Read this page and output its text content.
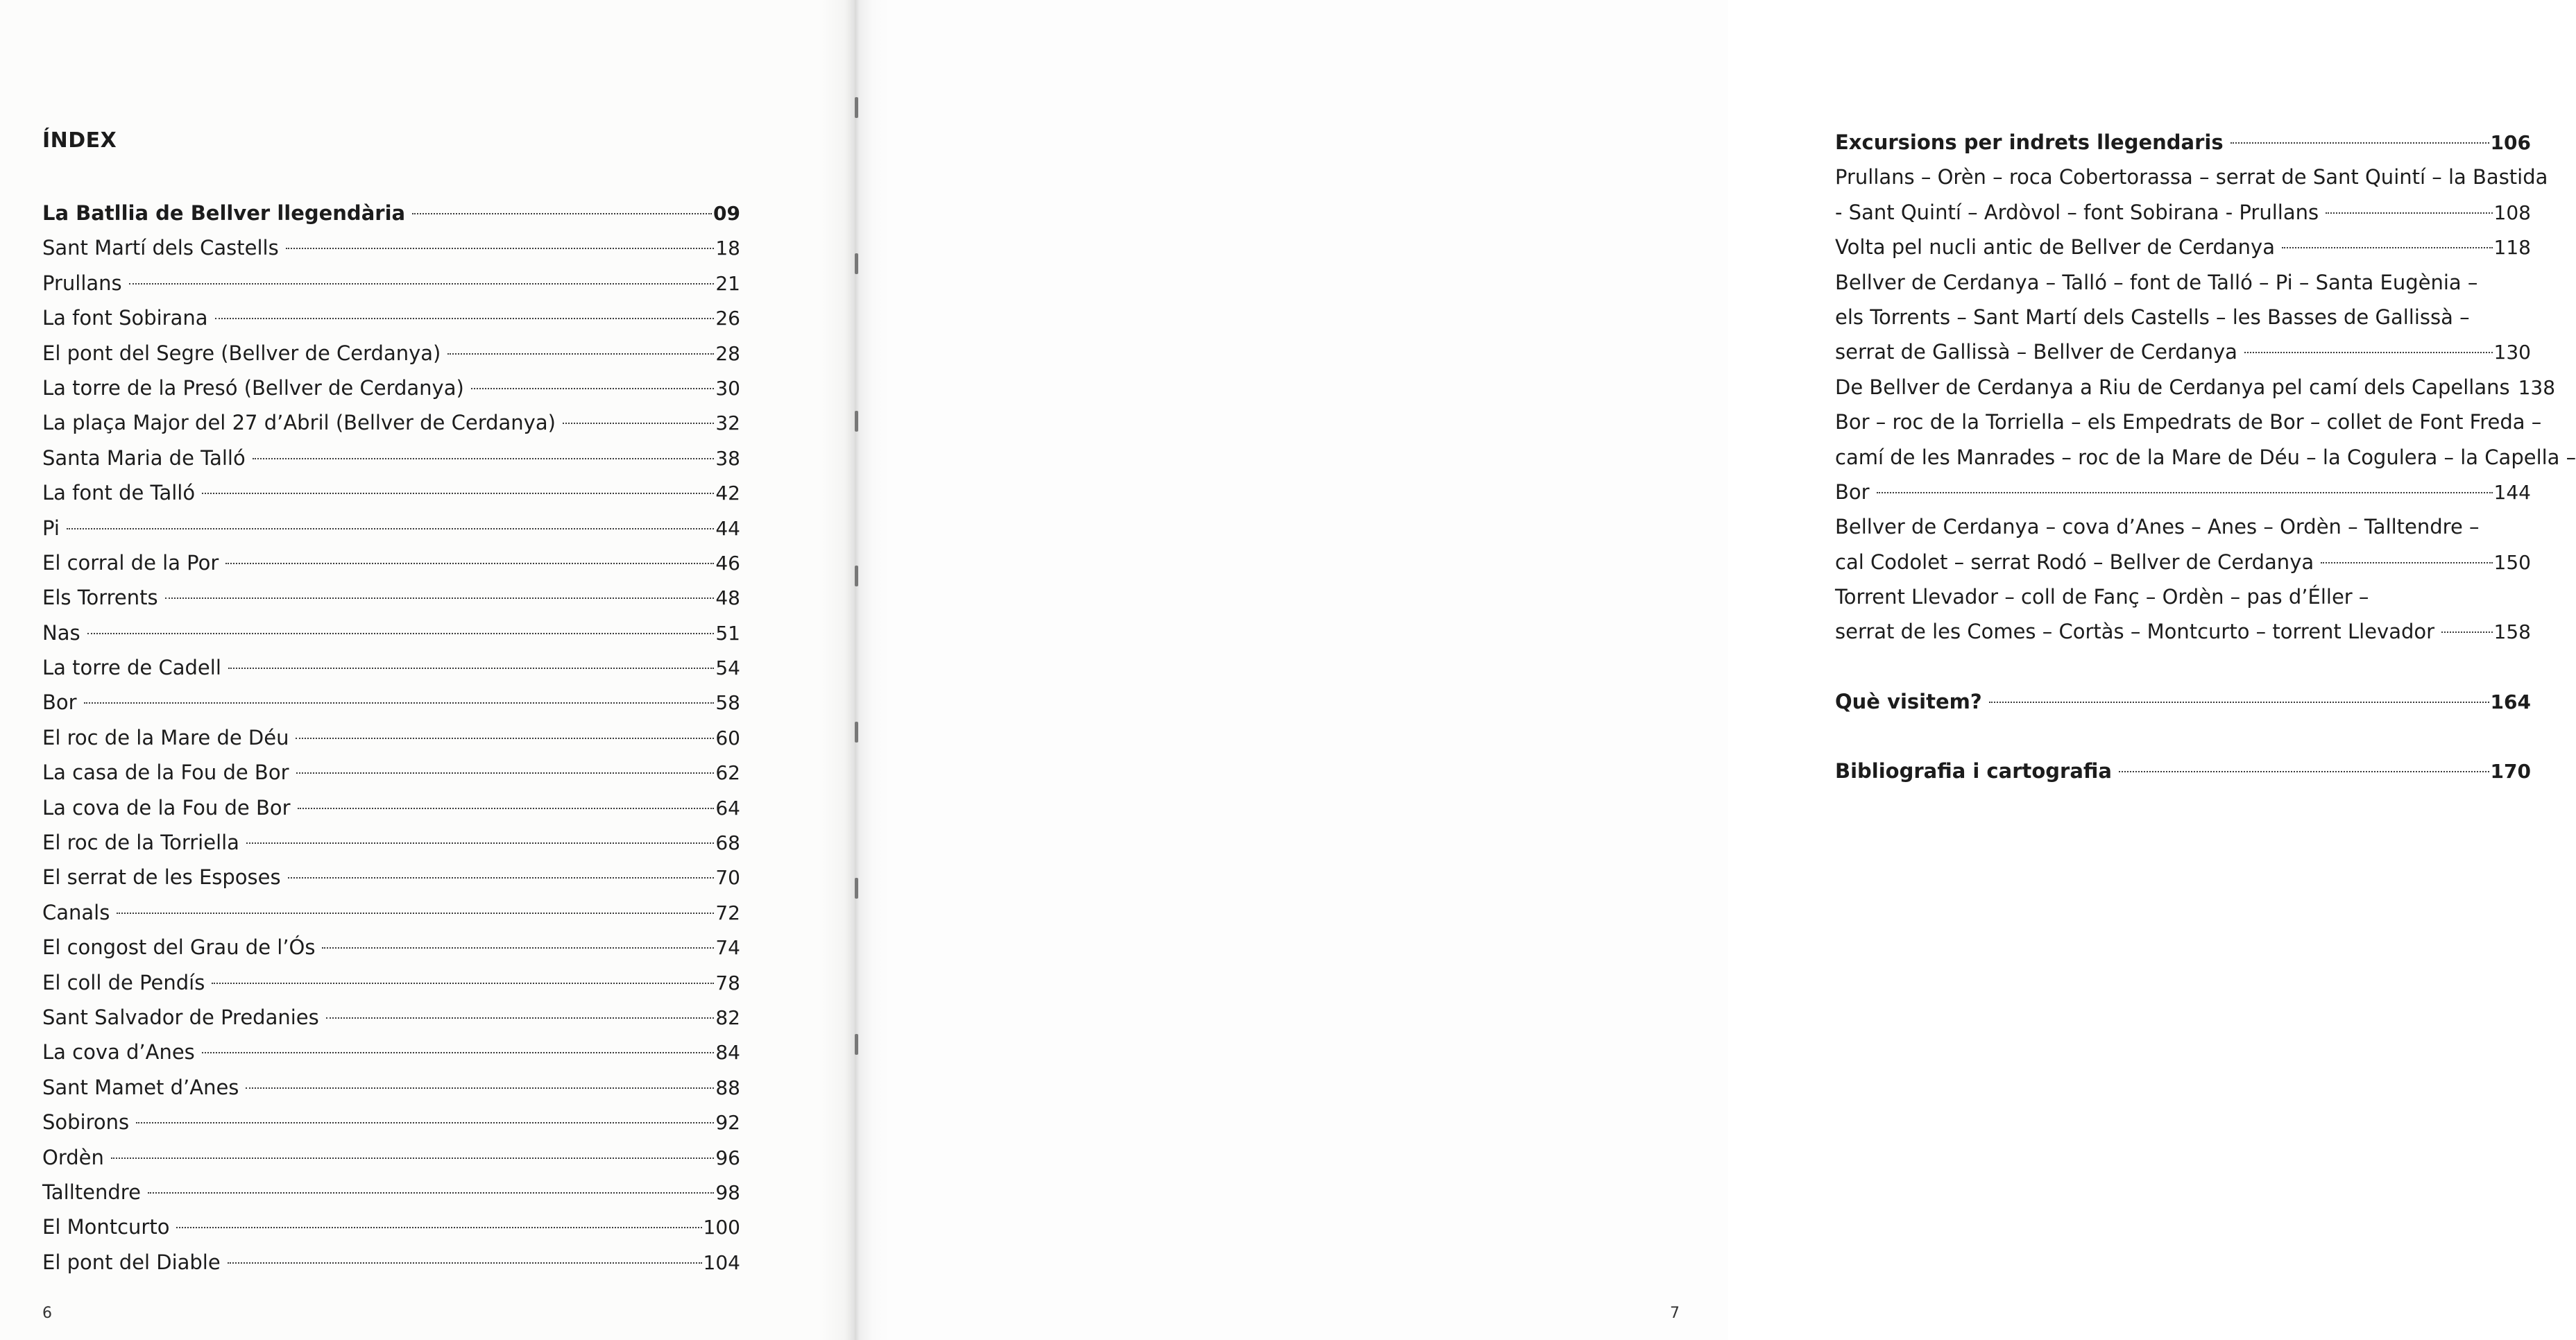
ÍNDEX
La Batllia de Bellver llegendària	09
Sant Martí dels Castells	18
Prullans	21
La font Sobirana	26
El pont del Segre (Bellver de Cerdanya)	28
La torre de la Presó (Bellver de Cerdanya)	30
La plaça Major del 27 d’Abril (Bellver de Cerdanya)	32
Santa Maria de Talló	38
La font de Talló	42
Pi	44
El corral de la Por	46
Els Torrents	48
Nas	51
La torre de Cadell	54
Bor	58
El roc de la Mare de Déu	60
La casa de la Fou de Bor	62
La cova de la Fou de Bor	64
El roc de la Torriella	68
El serrat de les Esposes	70
Canals	72
El congost del Grau de l’Ós	74
El coll de Pendís	78
Sant Salvador de Predanies	82
La cova d’Anes	84
Sant Mamet d’Anes	88
Sobirons	92
Ordèn	96
Talltendre	98
El Montcurto	100
El pont del Diable	104
6
Excursions per indrets llegendaris	106
Prullans – Orèn – roca Cobertorassa – serrat de Sant Quintí – la Bastida
- Sant Quintí – Ardòvol – font Sobirana - Prullans	108
Volta pel nucli antic de Bellver de Cerdanya	118
Bellver de Cerdanya – Talló – font de Talló – Pi – Santa Eugènia –
els Torrents – Sant Martí dels Castells – les Basses de Gallissà –
serrat de Gallissà – Bellver de Cerdanya	130
De Bellver de Cerdanya a Riu de Cerdanya pel camí dels Capellans 138
Bor – roc de la Torriella – els Empedrats de Bor – collet de Font Freda –
camí de les Manrades – roc de la Mare de Déu – la Cogulera – la Capella –
Bor	144
Bellver de Cerdanya – cova d’Anes – Anes – Ordèn – Talltendre –
cal Codolet – serrat Rodó – Bellver de Cerdanya	150
Torrent Llevador – coll de Fanç – Ordèn – pas d’Éller –
serrat de les Comes – Cortàs – Montcurto – torrent Llevador	158
Què visitem?	164
Bibliografia i cartografia	170
7
